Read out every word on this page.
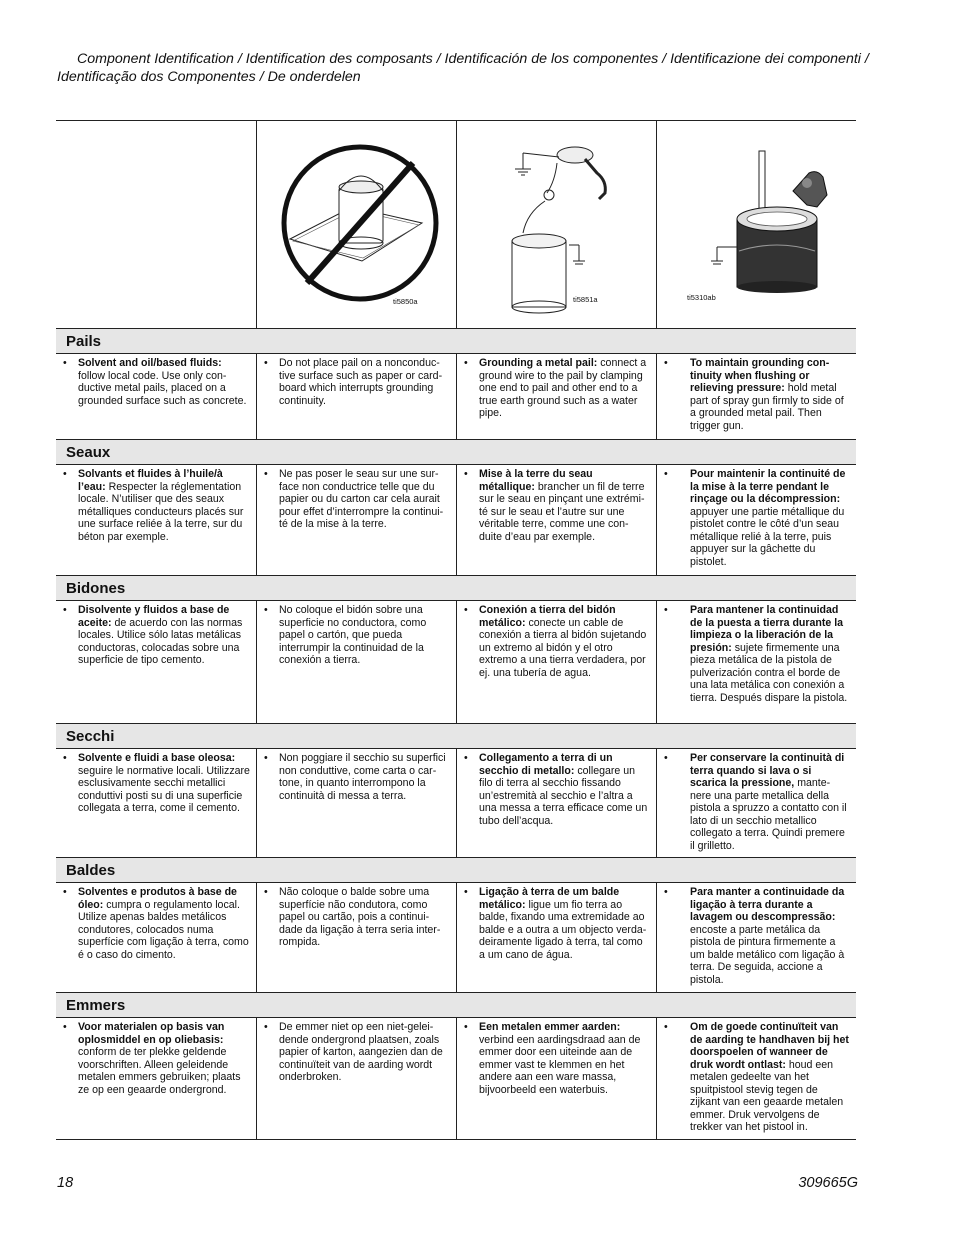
Component Identification / Identification des composants / Identificación de los componentes / Identificazione dei componenti /
Identificação dos Componentes / De onderdelen
ti5850a	ti5851a	ti5310ab
Pails
• Solvent and oil/based fluids: follow local code. Use only con-ductive metal pails, placed on a grounded surface such as concrete.
• Do not place pail on a nonconduc-tive surface such as paper or card-board which interrupts grounding continuity.
• Grounding a metal pail: connect a ground wire to the pail by clamping one end to pail and other end to a true earth ground such as a water pipe.
• To maintain grounding con-tinuity when flushing or relieving pressure: hold metal part of spray gun firmly to side of a grounded metal pail. Then trigger gun.
Seaux
• Solvants et fluides à l’huile/à l’eau: Respecter la réglementation locale. N’utiliser que des seaux métalliques conducteurs placés sur une surface reliée à la terre, sur du béton par exemple.
• Ne pas poser le seau sur une sur-face non conductrice telle que du papier ou du carton car cela aurait pour effet d’interrompre la continui-té de la mise à la terre.
• Mise à la terre du seau métallique: brancher un fil de terre sur le seau en pinçant une extrémi-té sur le seau et l’autre sur une véritable terre, comme une con-duite d’eau par exemple.
• Pour maintenir la continuité de la mise à la terre pendant le rinçage ou la décompression: appuyer une partie métallique du pistolet contre le côté d’un seau métallique relié à la terre, puis appuyer sur la gâchette du pistolet.
Bidones
• Disolvente y fluidos a base de aceite: de acuerdo con las normas locales. Utilice sólo latas metálicas conductoras, colocadas sobre una superficie de tipo cemento.
• No coloque el bidón sobre una superficie no conductora, como papel o cartón, que pueda interrumpir la continuidad de la conexión a tierra.
• Conexión a tierra del bidón metálico: conecte un cable de conexión a tierra al bidón sujetando un extremo al bidón y el otro extremo a una tierra verdadera, por ej. una tubería de agua.
• Para mantener la continuidad de la puesta a tierra durante la limpieza o la liberación de la presión: sujete firmemente una pieza metálica de la pistola de pulverización contra el borde de una lata metálica con conexión a tierra. Después dispare la pistola.
Secchi
• Solvente e fluidi a base oleosa: seguire le normative locali. Utilizzare esclusivamente secchi metallici conduttivi posti su di una superficie collegata a terra, come il cemento.
• Non poggiare il secchio su superfici non conduttive, come carta o car-tone, in quanto interrompono la continuità di messa a terra.
• Collegamento a terra di un secchio di metallo: collegare un filo di terra al secchio fissando un’estremità al secchio e l’altra a una messa a terra efficace come un tubo dell’acqua.
• Per conservare la continuità di terra quando si lava o si scarica la pressione, mante-nere una parte metallica della pistola a spruzzo a contatto con il lato di un secchio metallico collegato a terra. Quindi premere il grilletto.
Baldes
• Solventes e produtos à base de óleo: cumpra o regulamento local. Utilize apenas baldes metálicos condutores, colocados numa superfície com ligação à terra, como é o caso do cimento.
• Não coloque o balde sobre uma superfície não condutora, como papel ou cartão, pois a continui-dade da ligação à terra seria inter-rompida.
• Ligação à terra de um balde metálico: ligue um fio terra ao balde, fixando uma extremidade ao balde e a outra a um objecto verda-deiramente ligado à terra, tal como a um cano de água.
• Para manter a continuidade da ligação à terra durante a lavagem ou descompressão: encoste a parte metálica da pistola de pintura firmemente a um balde metálico com ligação à terra. De seguida, accione a pistola.
Emmers
• Voor materialen op basis van oplosmiddel en op oliebasis: conform de ter plekke geldende voorschriften. Alleen geleidende metalen emmers gebruiken; plaats ze op een geaarde ondergrond.
• De emmer niet op een niet-gelei-dende ondergrond plaatsen, zoals papier of karton, aangezien dan de continuïteit van de aarding wordt onderbroken.
• Een metalen emmer aarden: verbind een aardingsdraad aan de emmer door een uiteinde aan de emmer vast te klemmen en het andere aan een ware massa, bijvoorbeeld een waterbuis.
• Om de goede continuïteit van de aarding te handhaven bij het doorspoelen of wanneer de druk wordt ontlast: houd een metalen gedeelte van het spuitpistool stevig tegen de zijkant van een geaarde metalen emmer. Druk vervolgens de trekker van het pistool in.
18	309665G
